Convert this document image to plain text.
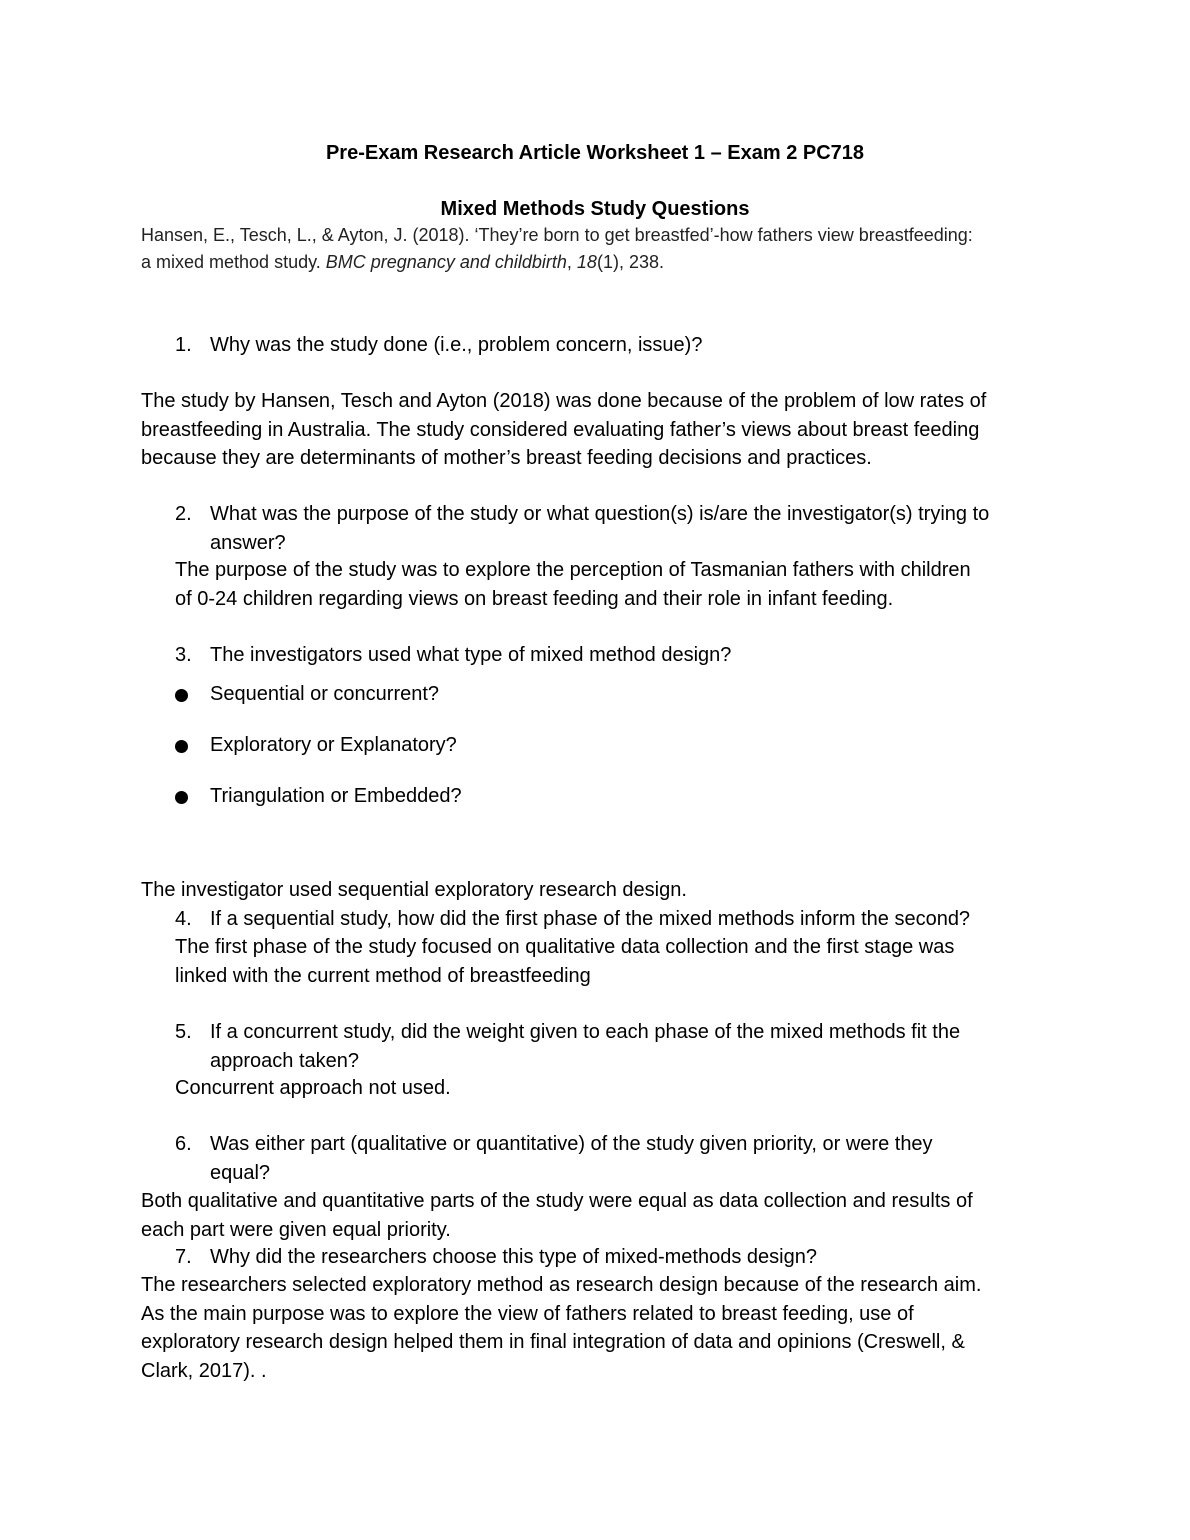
Pre-Exam Research Article Worksheet 1 – Exam 2 PC718
Mixed Methods Study Questions
Hansen, E., Tesch, L., & Ayton, J. (2018). ‘They’re born to get breastfed’-how fathers view breastfeeding:
a mixed method study. BMC pregnancy and childbirth, 18(1), 238.
1. Why was the study done (i.e., problem concern, issue)?
The study by Hansen, Tesch and Ayton (2018) was done because of the problem of low rates of
breastfeeding in Australia. The study considered evaluating father’s views about breast feeding
because they are determinants of mother’s breast feeding decisions and practices.
2. What was the purpose of the study or what question(s) is/are the investigator(s) trying to
answer?
The purpose of the study was to explore the perception of Tasmanian fathers with children
of 0-24 children regarding views on breast feeding and their role in infant feeding.
3. The investigators used what type of mixed method design?
Sequential or concurrent?
Exploratory or Explanatory?
Triangulation or Embedded?
The investigator used sequential exploratory research design.
4. If a sequential study, how did the first phase of the mixed methods inform the second?
The first phase of the study focused on qualitative data collection and the first stage was
linked with the current method of breastfeeding
5. If a concurrent study, did the weight given to each phase of the mixed methods fit the
approach taken?
Concurrent approach not used.
6. Was either part (qualitative or quantitative) of the study given priority, or were they
equal?
Both qualitative and quantitative parts of the study were equal as data collection and results of
each part were given equal priority.
7. Why did the researchers choose this type of mixed-methods design?
The researchers selected exploratory method as research design because of the research aim.
As the main purpose was to explore the view of fathers related to breast feeding, use of
exploratory research design helped them in final integration of data and opinions (Creswell, &
Clark, 2017). .
